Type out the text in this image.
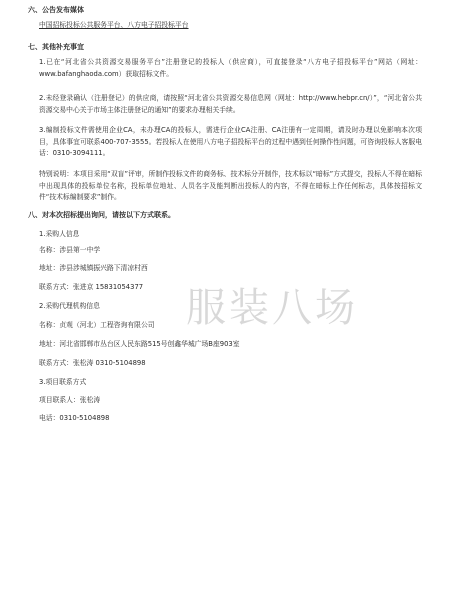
六、公告发布媒体
中国招标投标公共服务平台、八方电子招投标平台
七、其他补充事宜
1.已在“河北省公共资源交易服务平台”注册登记的投标人（供应商），可直接登录“八方电子招投标平台”网站（网址：www.bafanghaoda.com）获取招标文件。
2.未经登录确认（注册登记）的供应商，请按照“河北省公共资源交易信息网（网址：http://www.hebpr.cn/）”，“河北省公共资源交易中心关于市场主体注册登记的通知”的要求办理相关手续。
3.编制投标文件需使用企业CA，未办理CA的投标人，需进行企业CA注册、CA注册有一定周期，请及时办理以免影响本次项目，具体事宜可联系400-707-3555。若投标人在使用八方电子招投标平台的过程中遇到任何操作性问题，可咨询投标人客服电话：0310-3094111。
特别说明：本项目采用“双盲”评审，所制作投标文件的商务标、技术标分开制作，技术标以“暗标”方式提交，投标人不得在暗标中出现具体的投标单位名称，投标单位地址、人员名字及能判断出投标人的内容，不得在暗标上作任何标志，具体按招标文件“技术标编制要求”制作。
八、对本次招标提出询问，请按以下方式联系。
1.采购人信息
名称：涉县第一中学
地址：涉县涉城镇振兴路下清凉村西
联系方式：张进京 15831054377
2.采购代理机构信息
名称：贞观（河北）工程咨询有限公司
地址：河北省邯郸市丛台区人民东路515号创鑫华城广场B座903室
联系方式：张松涛 0310-5104898
3.项目联系方式
项目联系人：张松涛
电话：0310-5104898
服装八场
